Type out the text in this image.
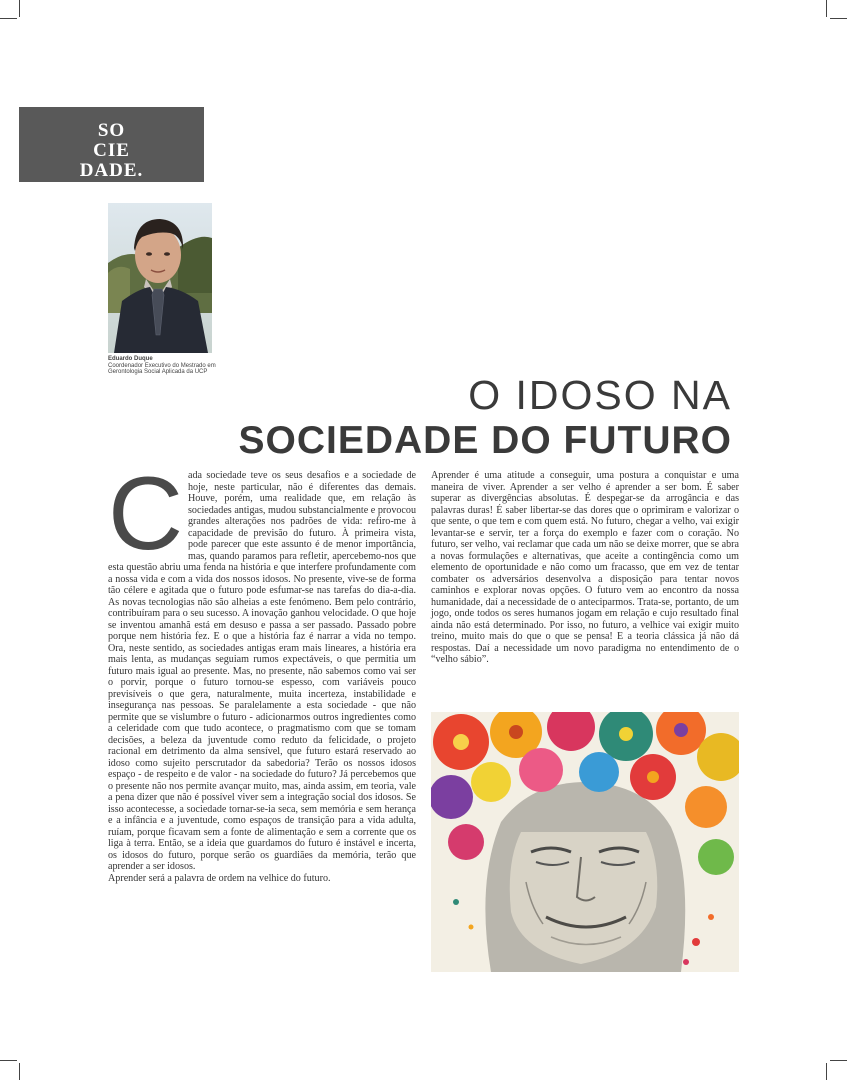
SO
CIE
DADE.
Eduardo Duque
Coordenador Executivo do Mestrado em Gerontologia Social Aplicada da UCP	O IDOSO NA
SOCIEDADE DO FUTURO
C ada sociedade teve os seus desafios e a sociedade de hoje, neste particular, não é diferentes das demais. Houve, porém, uma realidade que, em relação às sociedades antigas, mudou substancialmente e provocou grandes alterações nos padrões de vida: refiro-me à capacidade de previsão do futuro. À primeira vista, pode parecer que este assunto é de menor importância, mas, quando paramos para refletir, apercebemo-nos que esta questão abriu uma fenda na história e que interfere profundamente com a nossa vida e com a vida dos nossos idosos. No presente, vive-se de forma tão célere e agitada que o futuro pode esfumar-se nas tarefas do dia-a-dia. As novas tecnologias não são alheias a este fenómeno. Bem pelo contrário, contribuíram para o seu sucesso. A inovação ganhou velocidade. O que hoje se inventou amanhã está em desuso e passa a ser passado. Passado pobre porque nem história fez. E o que a história faz é narrar a vida no tempo. Ora, neste sentido, as sociedades antigas eram mais lineares, a história era mais lenta, as mudanças seguiam rumos expectáveis, o que permitia um futuro mais igual ao presente. Mas, no presente, não sabemos como vai ser o porvir, porque o futuro tornou-se espesso, com variáveis pouco previsíveis o que gera, naturalmente, muita incerteza, instabilidade e insegurança nas pessoas. Se paralelamente a esta sociedade - que não permite que se vislumbre o futuro - adicionarmos outros ingredientes como a celeridade com que tudo acontece, o pragmatismo com que se tomam decisões, a beleza da juventude como reduto da felicidade, o projeto racional em detrimento da alma sensível, que futuro estará reservado ao idoso como sujeito perscrutador da sabedoria? Terão os nossos idosos espaço - de respeito e de valor - na sociedade do futuro? Já percebemos que o presente não nos permite avançar muito, mas, ainda assim, em teoria, vale a pena dizer que não é possível viver sem a integração social dos idosos. Se isso acontecesse, a sociedade tornar-se-ia seca, sem memória e sem herança e a infância e a juventude, como espaços de transição para a vida adulta, ruíam, porque ficavam sem a fonte de alimentação e sem a corrente que os liga à terra. Então, se a ideia que guardamos do futuro é instável e incerta, os idosos do futuro, porque serão os guardiães da memória, terão que aprender a ser idosos.

Aprender será a palavra de ordem na velhice do futuro.

Aprender é uma atitude a conseguir, uma postura a conquistar e uma maneira de viver. Aprender a ser velho é aprender a ser bom. É saber superar as divergências absolutas. É despegar-se da arrogância e das palavras duras! É saber libertar-se das dores que o oprimiram e valorizar o que sente, o que tem e com quem está. No futuro, chegar a velho, vai exigir levantar-se e servir, ter a força do exemplo e fazer com o coração. No futuro, ser velho, vai reclamar que cada um não se deixe morrer, que se abra a novas formulações e alternativas, que aceite a contingência como um elemento de oportunidade e não como um fracasso, que em vez de tentar combater os adversários desenvolva a disposição para tentar novos caminhos e explorar novas opções. O futuro vem ao encontro da nossa humanidade, daí a necessidade de o anteciparmos. Trata-se, portanto, de um jogo, onde todos os seres humanos jogam em relação e cujo resultado final ainda não está determinado. Por isso, no futuro, a velhice vai exigir muito treino, muito mais do que o que se pensa! E a teoria clássica já não dá respostas. Daí a necessidade um novo paradigma no entendimento de o “velho sábio”.
